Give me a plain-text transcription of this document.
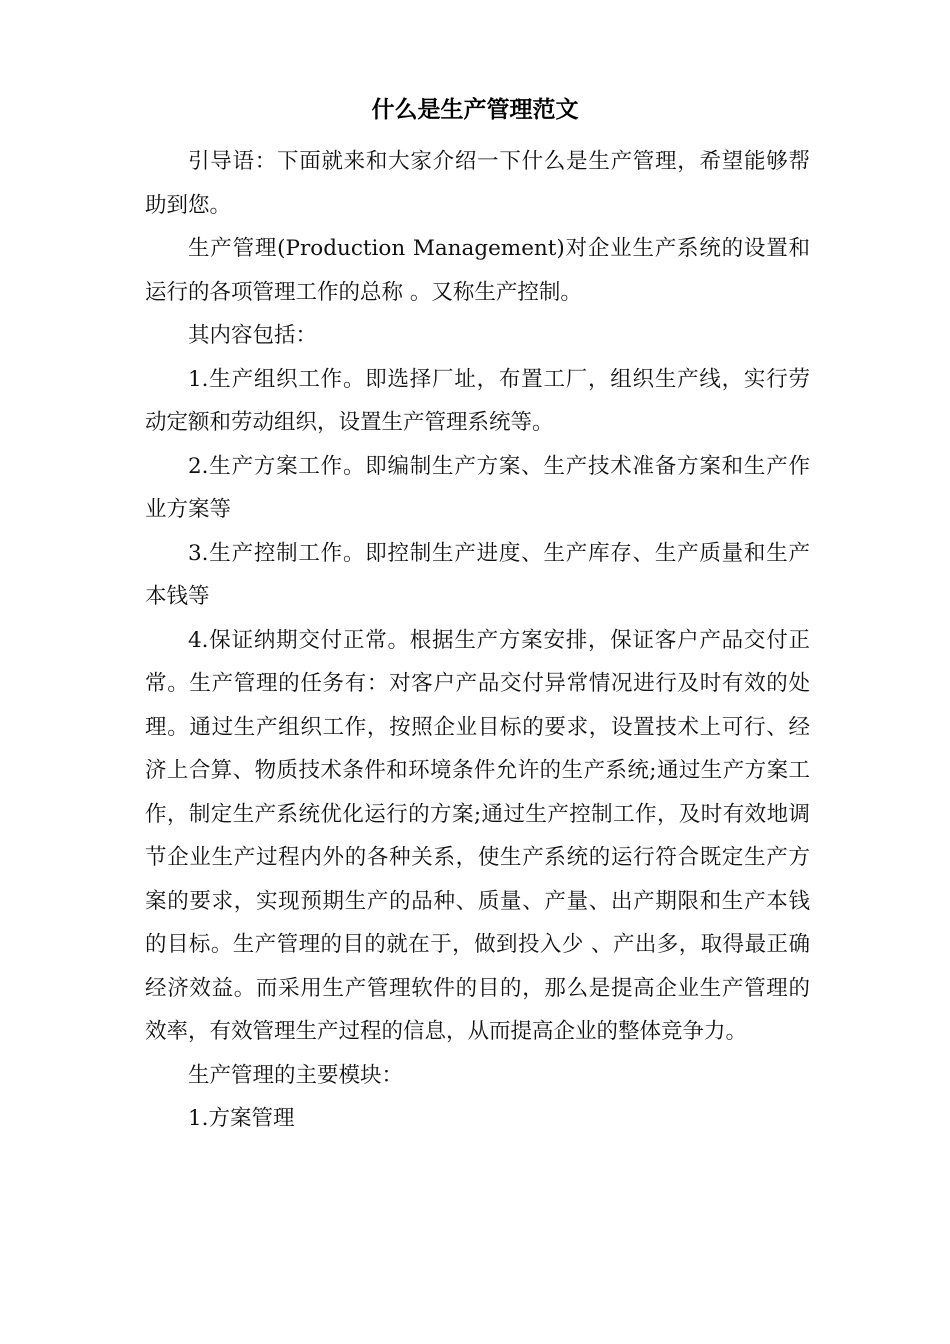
什么是生产管理范文

引导语：下面就来和大家介绍一下什么是生产管理，希望能够帮助到您。

生产管理(Production Management)对企业生产系统的设置和运行的各项管理工作的总称 。又称生产控制。

其内容包括：

1.生产组织工作。即选择厂址，布置工厂，组织生产线，实行劳动定额和劳动组织，设置生产管理系统等。

2.生产方案工作。即编制生产方案、生产技术准备方案和生产作业方案等

3.生产控制工作。即控制生产进度、生产库存、生产质量和生产本钱等

4.保证纳期交付正常。根据生产方案安排，保证客户产品交付正常。生产管理的任务有：对客户产品交付异常情况进行及时有效的处理。通过生产组织工作，按照企业目标的要求，设置技术上可行、经济上合算、物质技术条件和环境条件允许的生产系统;通过生产方案工作，制定生产系统优化运行的方案;通过生产控制工作，及时有效地调节企业生产过程内外的各种关系，使生产系统的运行符合既定生产方案的要求，实现预期生产的品种、质量、产量、出产期限和生产本钱的目标。生产管理的目的就在于，做到投入少 、产出多，取得最正确经济效益。而采用生产管理软件的目的，那么是提高企业生产管理的效率，有效管理生产过程的信息，从而提高企业的整体竞争力。

生产管理的主要模块：

1.方案管理
